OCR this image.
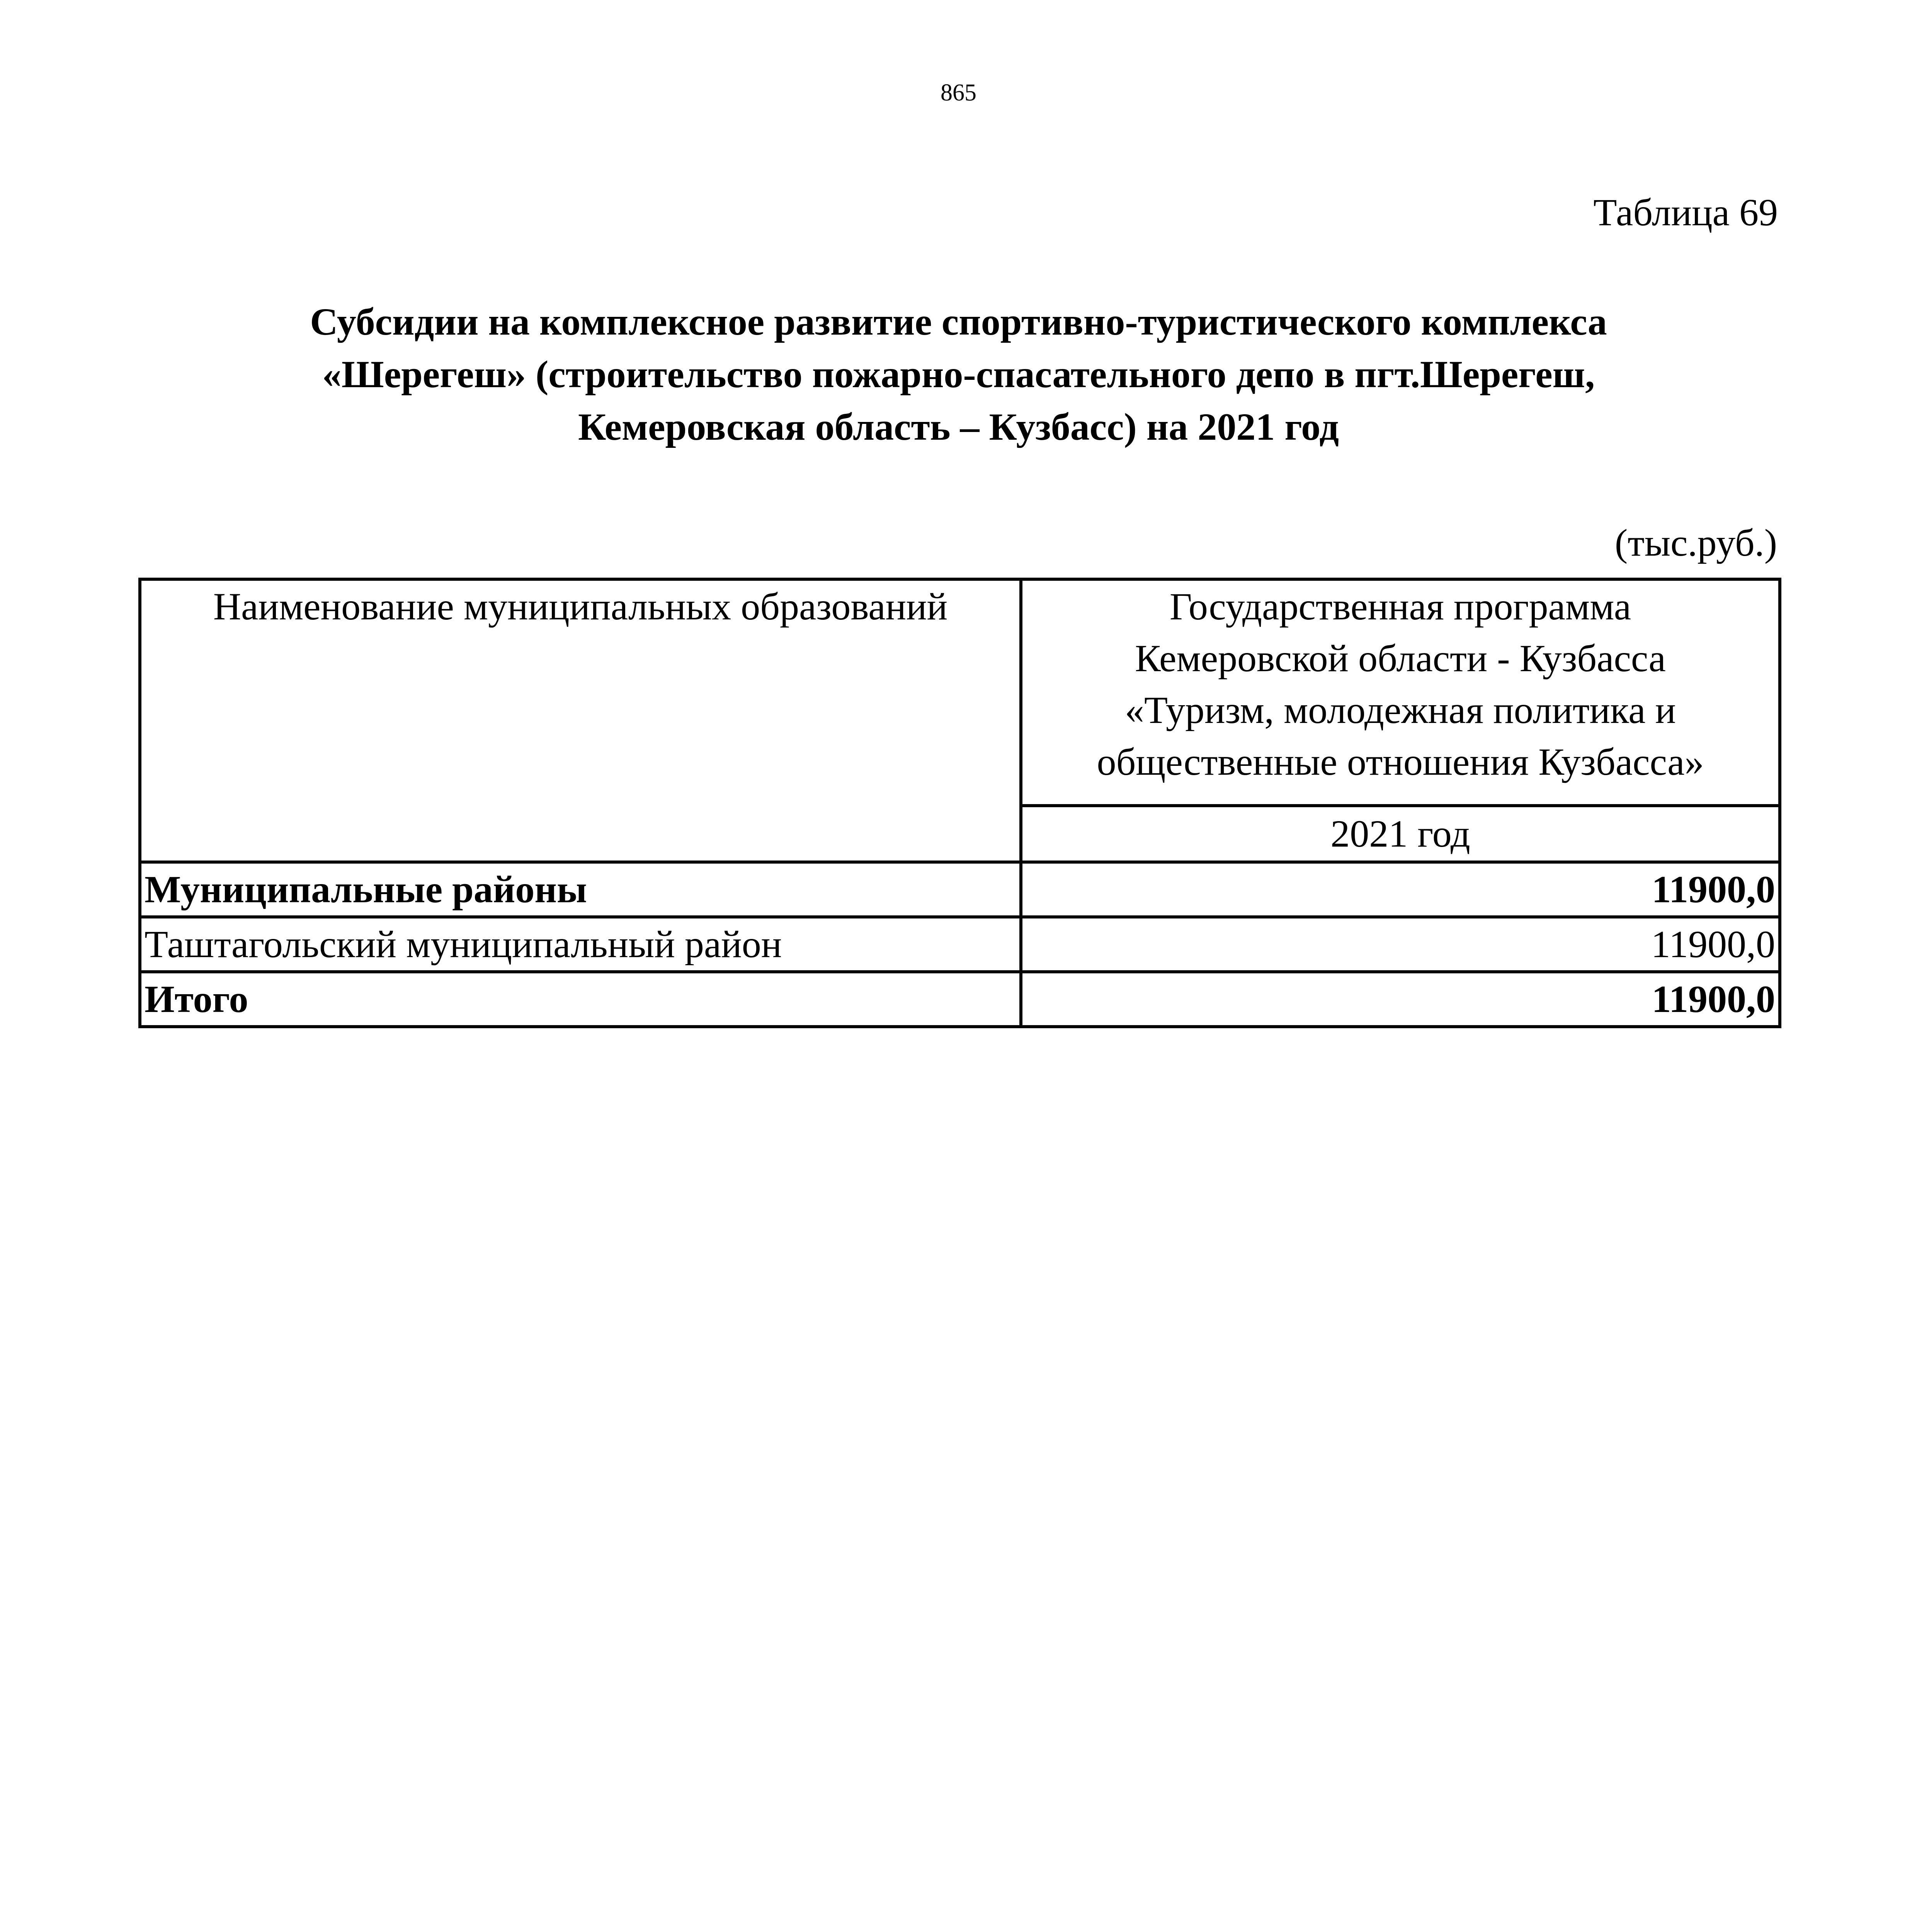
865
Таблица 69
Субсидии на комплексное развитие спортивно-туристического комплекса
«Шерегеш» (строительство пожарно-спасательного депо в пгт.Шерегеш,
Кемеровская область – Кузбасс) на 2021 год
(тыс.руб.)
Наименование муниципальных образований	Государственная программа
Кемеровской области - Кузбасса
«Туризм, молодежная политика и
общественные отношения Кузбасса»

	2021 год
Муниципальные районы	11900,0
Таштагольский муниципальный район	11900,0
Итого	11900,0
